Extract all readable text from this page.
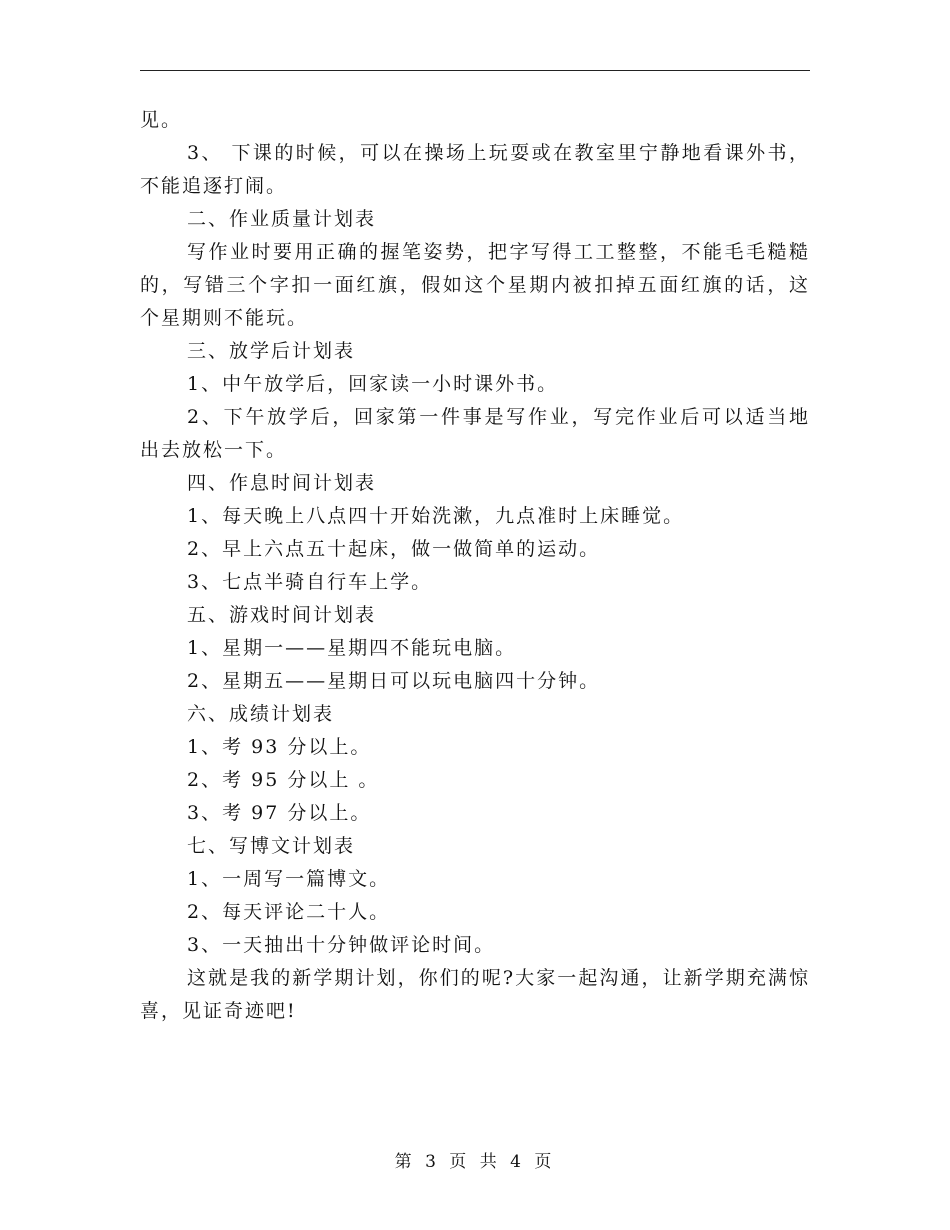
见。

3、 下课的时候，可以在操场上玩耍或在教室里宁静地看课外书，不能追逐打闹。

二、作业质量计划表

写作业时要用正确的握笔姿势，把字写得工工整整，不能毛毛糙糙的，写错三个字扣一面红旗，假如这个星期内被扣掉五面红旗的话，这个星期则不能玩。

三、放学后计划表

1、中午放学后，回家读一小时课外书。

2、下午放学后，回家第一件事是写作业，写完作业后可以适当地出去放松一下。

四、作息时间计划表

1、每天晚上八点四十开始洗漱，九点准时上床睡觉。

2、早上六点五十起床，做一做简单的运动。

3、七点半骑自行车上学。

五、游戏时间计划表

1、星期一——星期四不能玩电脑。

2、星期五——星期日可以玩电脑四十分钟。

六、成绩计划表

1、考 93 分以上。

2、考 95 分以上 。

3、考 97 分以上。

七、写博文计划表

1、一周写一篇博文。

2、每天评论二十人。

3、一天抽出十分钟做评论时间。

这就是我的新学期计划，你们的呢?大家一起沟通，让新学期充满惊喜，见证奇迹吧!

第 3 页 共 4 页
